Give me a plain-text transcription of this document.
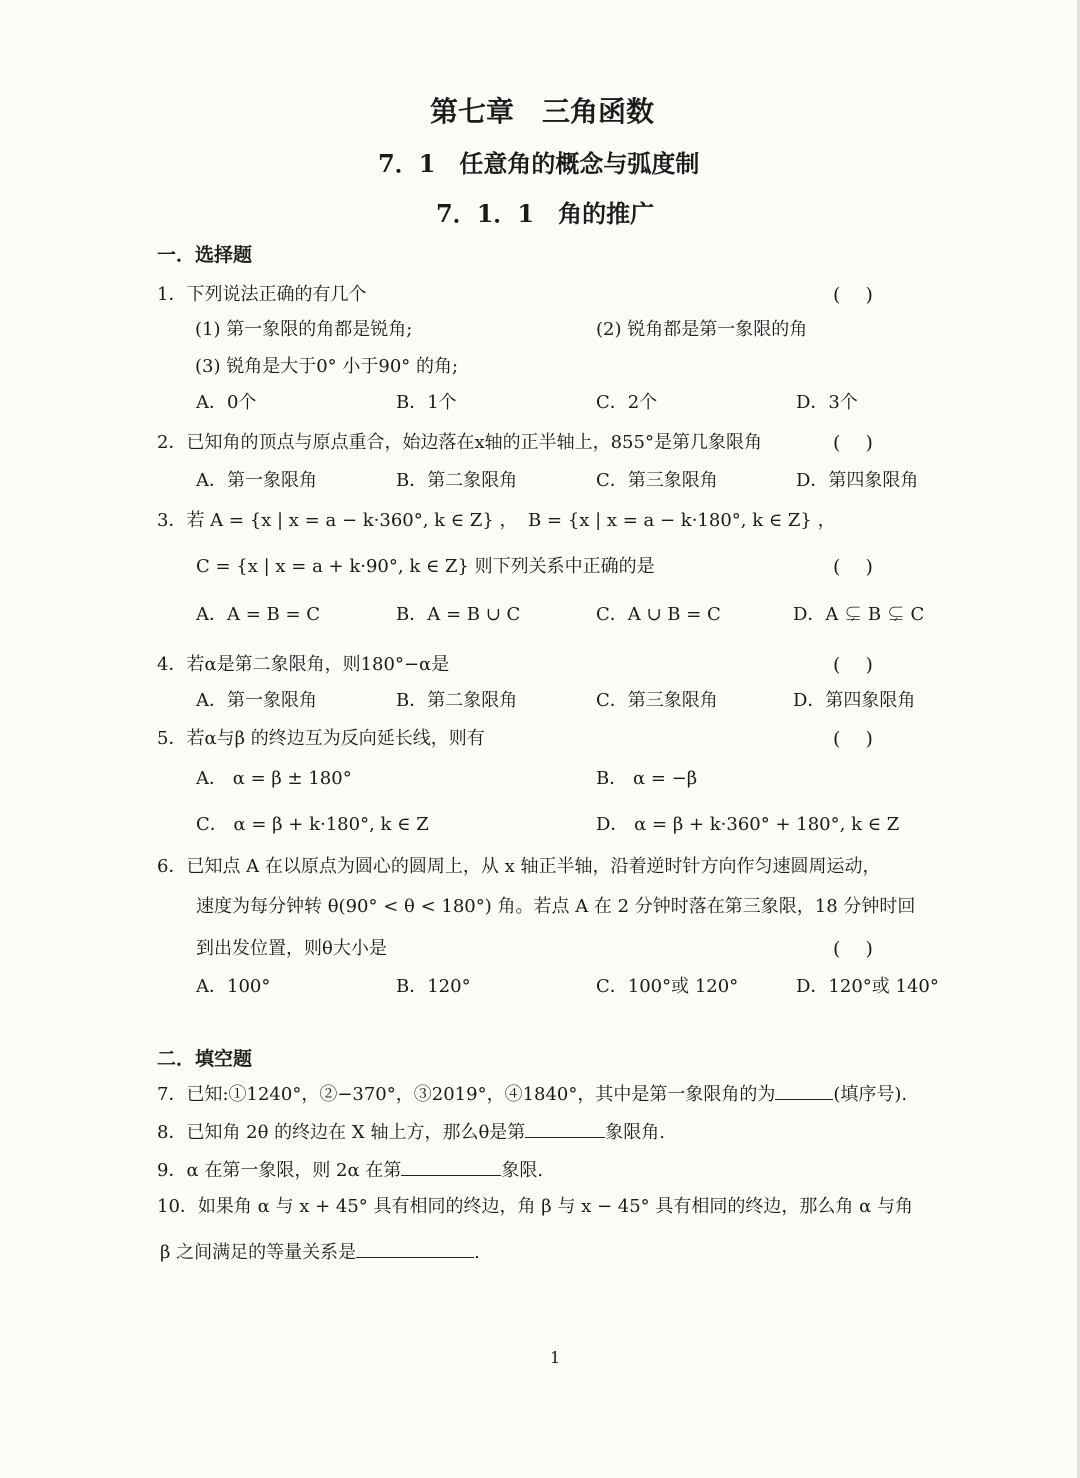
第七章　三角函数
7．1　任意角的概念与弧度制
7．1．1　角的推广
一．选择题
1．下列说法正确的有几个	(　 )
(1) 第一象限的角都是锐角;	(2) 锐角都是第一象限的角
(3) 锐角是大于0° 小于90° 的角;
A．0个	B．1个	C．2个	D．3个
2．已知角的顶点与原点重合，始边落在x轴的正半轴上，855°是第几象限角	(　 )
A．第一象限角	B．第二象限角	C．第三象限角	D．第四象限角
3．若 A = {x | x = a − k·360°, k ∈ Z} ， B = {x | x = a − k·180°, k ∈ Z} ，
C = {x | x = a + k·90°, k ∈ Z} 则下列关系中正确的是	(　 )
A．A = B = C	B．A = B ∪ C	C．A ∪ B = C	D．A ⊊ B ⊊ C
4．若α是第二象限角，则180°−α是	(　 )
A．第一象限角	B．第二象限角	C．第三象限角	D．第四象限角
5．若α与β 的终边互为反向延长线，则有	(　 )
A． α = β ± 180°	B． α = −β
C． α = β + k·180°, k ∈ Z	D． α = β + k·360° + 180°, k ∈ Z
6．已知点 A 在以原点为圆心的圆周上，从 x 轴正半轴，沿着逆时针方向作匀速圆周运动，
速度为每分钟转 θ(90° < θ < 180°) 角。若点 A 在 2 分钟时落在第三象限，18 分钟时回
到出发位置，则θ大小是	(　 )
A．100°	B．120°	C．100°或 120°	D．120°或 140°
二．填空题
7．已知:①1240°，②−370°，③2019°，④1840°，其中是第一象限角的为	(填序号).
8．已知角 2θ 的终边在 X 轴上方，那么θ是第	象限角.
9．α 在第一象限，则 2α 在第	象限.
10．如果角 α 与 x + 45° 具有相同的终边，角 β 与 x − 45° 具有相同的终边，那么角 α 与角
β 之间满足的等量关系是	.
1
